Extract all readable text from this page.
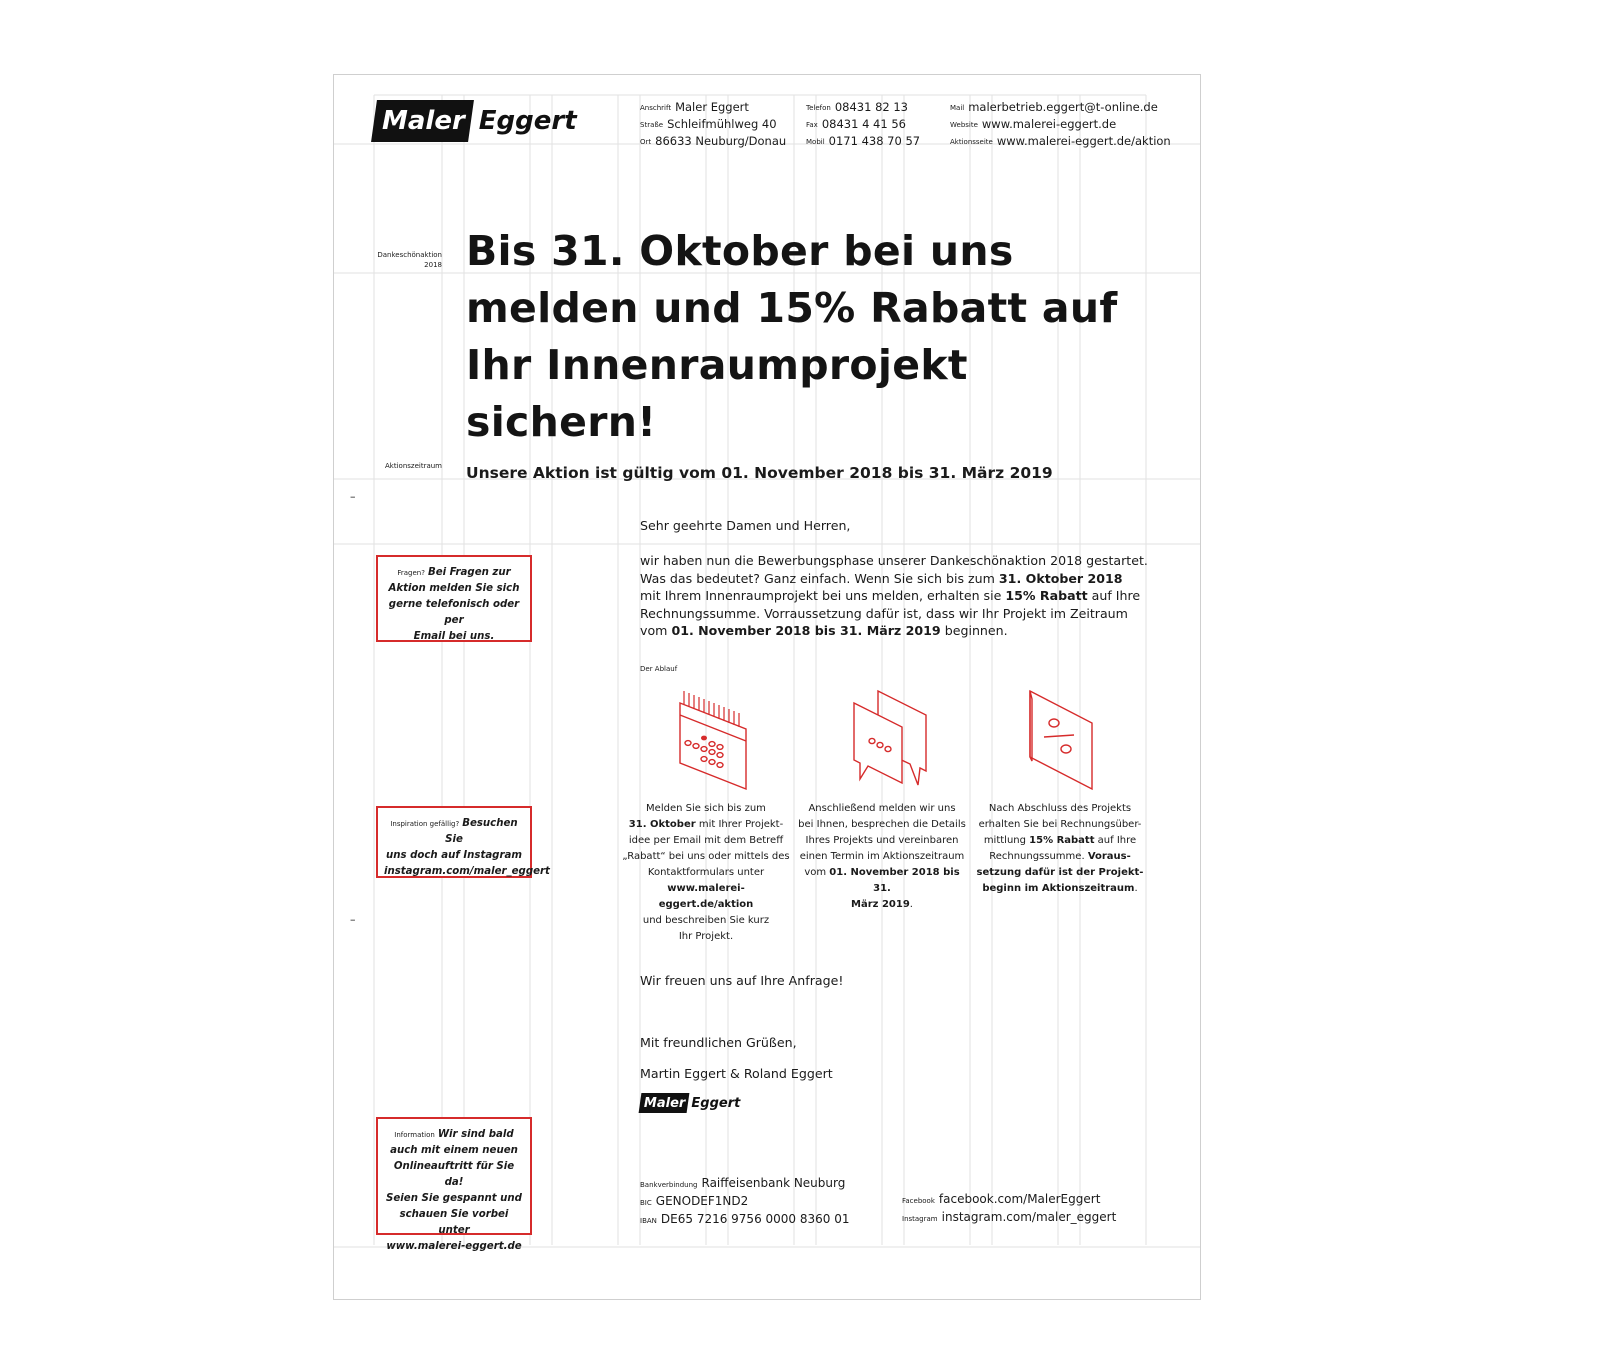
Maler Eggert	Anschrift Maler Eggert
Straße Schleifmühlweg 40
Ort 86633 Neuburg/Donau
Telefon 08431 82 13
Fax 08431 4 41 56
Mobil 0171 438 70 57
Mail malerbetrieb.eggert@t-online.de
Website www.malerei-eggert.de
Aktionsseite www.malerei-eggert.de/aktion
Dankeschönaktion
2018
Aktionszeitraum
Bis 31. Oktober bei uns
melden und 15% Rabatt auf
Ihr Innenraumprojekt sichern!
Unsere Aktion ist gültig vom 01. November 2018 bis 31. März 2019
–
–
Sehr geehrte Damen und Herren,
wir haben nun die Bewerbungsphase unserer Dankeschönaktion 2018 gestartet.
Was das bedeutet? Ganz einfach. Wenn Sie sich bis zum 31. Oktober 2018
mit Ihrem Innenraumprojekt bei uns melden, erhalten sie 15% Rabatt auf Ihre
Rechnungssumme. Vorraussetzung dafür ist, dass wir Ihr Projekt im Zeitraum
vom 01. November 2018 bis 31. März 2019 beginnen.
Der Ablauf
Melden Sie sich bis zum
31. Oktober mit Ihrer Projekt-
idee per Email mit dem Betreff
„Rabatt“ bei uns oder mittels des
Kontaktformulars unter
www.malerei-eggert.de/aktion
und beschreiben Sie kurz
Ihr Projekt.
Anschließend melden wir uns
bei Ihnen, besprechen die Details
Ihres Projekts und vereinbaren
einen Termin im Aktionszeitraum
vom 01. November 2018 bis 31.
März 2019.
Nach Abschluss des Projekts
erhalten Sie bei Rechnungsüber-
mittlung 15% Rabatt auf Ihre
Rechnungssumme. Voraus-
setzung dafür ist der Projekt-
beginn im Aktionszeitraum.
Wir freuen uns auf Ihre Anfrage!
Mit freundlichen Grüßen,
Martin Eggert & Roland Eggert
Maler Eggert
Fragen? Bei Fragen zur
Aktion melden Sie sich
gerne telefonisch oder per
Email bei uns.
Inspiration gefällig? Besuchen Sie
uns doch auf Instagram
instagram.com/maler_eggert
Information Wir sind bald
auch mit einem neuen
Onlineauftritt für Sie da!
Seien Sie gespannt und
schauen Sie vorbei unter
www.malerei-eggert.de
Bankverbindung Raiffeisenbank Neuburg
BIC GENODEF1ND2
IBAN DE65 7216 9756 0000 8360 01
Facebook facebook.com/MalerEggert
Instagram instagram.com/maler_eggert
